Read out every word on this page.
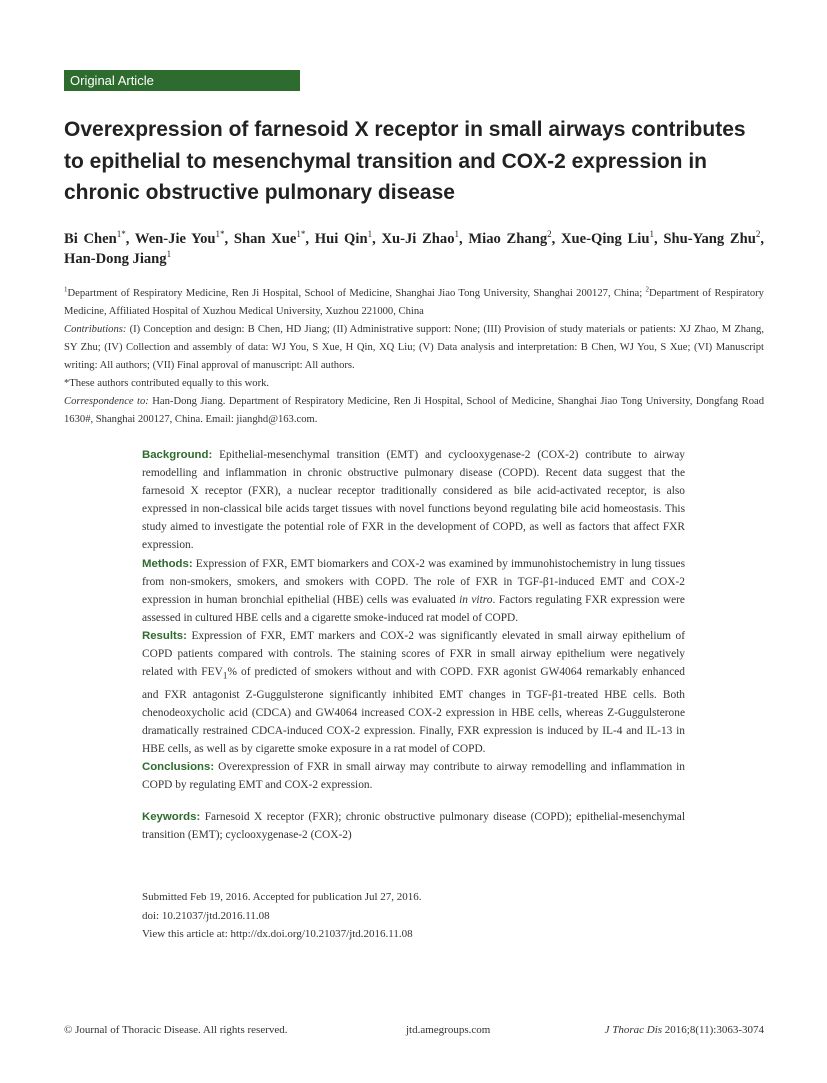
Original Article
Overexpression of farnesoid X receptor in small airways contributes to epithelial to mesenchymal transition and COX-2 expression in chronic obstructive pulmonary disease

Bi Chen$^{1*}$, Wen-Jie You$^{1*}$, Shan Xue$^{1*}$, Hui Qin$^1$, Xu-Ji Zhao$^1$, Miao Zhang$^2$, Xue-Qing Liu$^1$, Shu-Yang Zhu$^2$, Han-Dong Jiang$^1$

$^1$Department of Respiratory Medicine, Ren Ji Hospital, School of Medicine, Shanghai Jiao Tong University, Shanghai 200127, China; $^2$Department of Respiratory Medicine, Affiliated Hospital of Xuzhou Medical University, Xuzhou 221000, China

Contributions: (I) Conception and design: B Chen, HD Jiang; (II) Administrative support: None; (III) Provision of study materials or patients: XJ Zhao, M Zhang, SY Zhu; (IV) Collection and assembly of data: WJ You, S Xue, H Qin, XQ Liu; (V) Data analysis and interpretation: B Chen, WJ You, S Xue; (VI) Manuscript writing: All authors; (VII) Final approval of manuscript: All authors.

*These authors contributed equally to this work.

Correspondence to: Han-Dong Jiang. Department of Respiratory Medicine, Ren Ji Hospital, School of Medicine, Shanghai Jiao Tong University, Dongfang Road 1630#, Shanghai 200127, China. Email: jianghd@163.com.

Background: Epithelial-mesenchymal transition (EMT) and cyclooxygenase-2 (COX-2) contribute to airway remodelling and inflammation in chronic obstructive pulmonary disease (COPD). Recent data suggest that the farnesoid X receptor (FXR), a nuclear receptor traditionally considered as bile acid-activated receptor, is also expressed in non-classical bile acids target tissues with novel functions beyond regulating bile acid homeostasis. This study aimed to investigate the potential role of FXR in the development of COPD, as well as factors that affect FXR expression.

Methods: Expression of FXR, EMT biomarkers and COX-2 was examined by immunohistochemistry in lung tissues from non-smokers, smokers, and smokers with COPD. The role of FXR in TGF-β1-induced EMT and COX-2 expression in human bronchial epithelial (HBE) cells was evaluated in vitro. Factors regulating FXR expression were assessed in cultured HBE cells and a cigarette smoke-induced rat model of COPD.

Results: Expression of FXR, EMT markers and COX-2 was significantly elevated in small airway epithelium of COPD patients compared with controls. The staining scores of FXR in small airway epithelium were negatively related with $FEV_1\%$ of predicted of smokers without and with COPD. FXR agonist GW4064 remarkably enhanced and FXR antagonist Z-Guggulsterone significantly inhibited EMT changes in TGF-β1-treated HBE cells. Both chenodeoxycholic acid (CDCA) and GW4064 increased COX-2 expression in HBE cells, whereas Z-Guggulsterone dramatically restrained CDCA-induced COX-2 expression. Finally, FXR expression is induced by IL-4 and IL-13 in HBE cells, as well as by cigarette smoke exposure in a rat model of COPD.

Conclusions: Overexpression of FXR in small airway may contribute to airway remodelling and inflammation in COPD by regulating EMT and COX-2 expression.

Keywords: Farnesoid X receptor (FXR); chronic obstructive pulmonary disease (COPD); epithelial-mesenchymal transition (EMT); cyclooxygenase-2 (COX-2)

Submitted Feb 19, 2016. Accepted for publication Jul 27, 2016.

doi: 10.21037/jtd.2016.11.08

View this article at: http://dx.doi.org/10.21037/jtd.2016.11.08

© Journal of Thoracic Disease. All rights reserved.	jtd.amegroups.com	J Thorac Dis 2016;8(11):3063-3074
